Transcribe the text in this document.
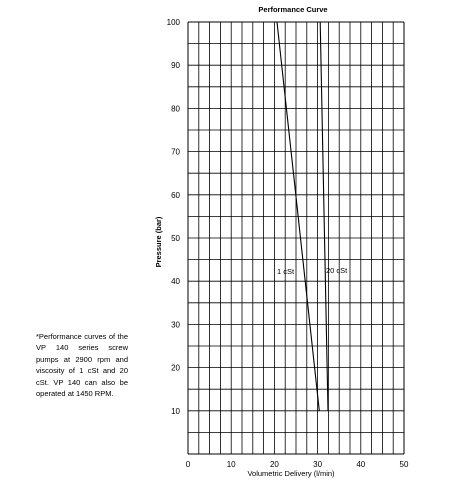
Performance Curve
0	10	20	30	40	50
10
20
30
40
50
60
70
80
90
100
1 cSt	20 cSt
Volumetric Delivery (l/min)
Pressure (bar)
*Performance curves of the VP 140 series screw pumps at 2900 rpm and viscosity of 1 cSt and 20 cSt. VP 140 can also be operated at 1450 RPM.
